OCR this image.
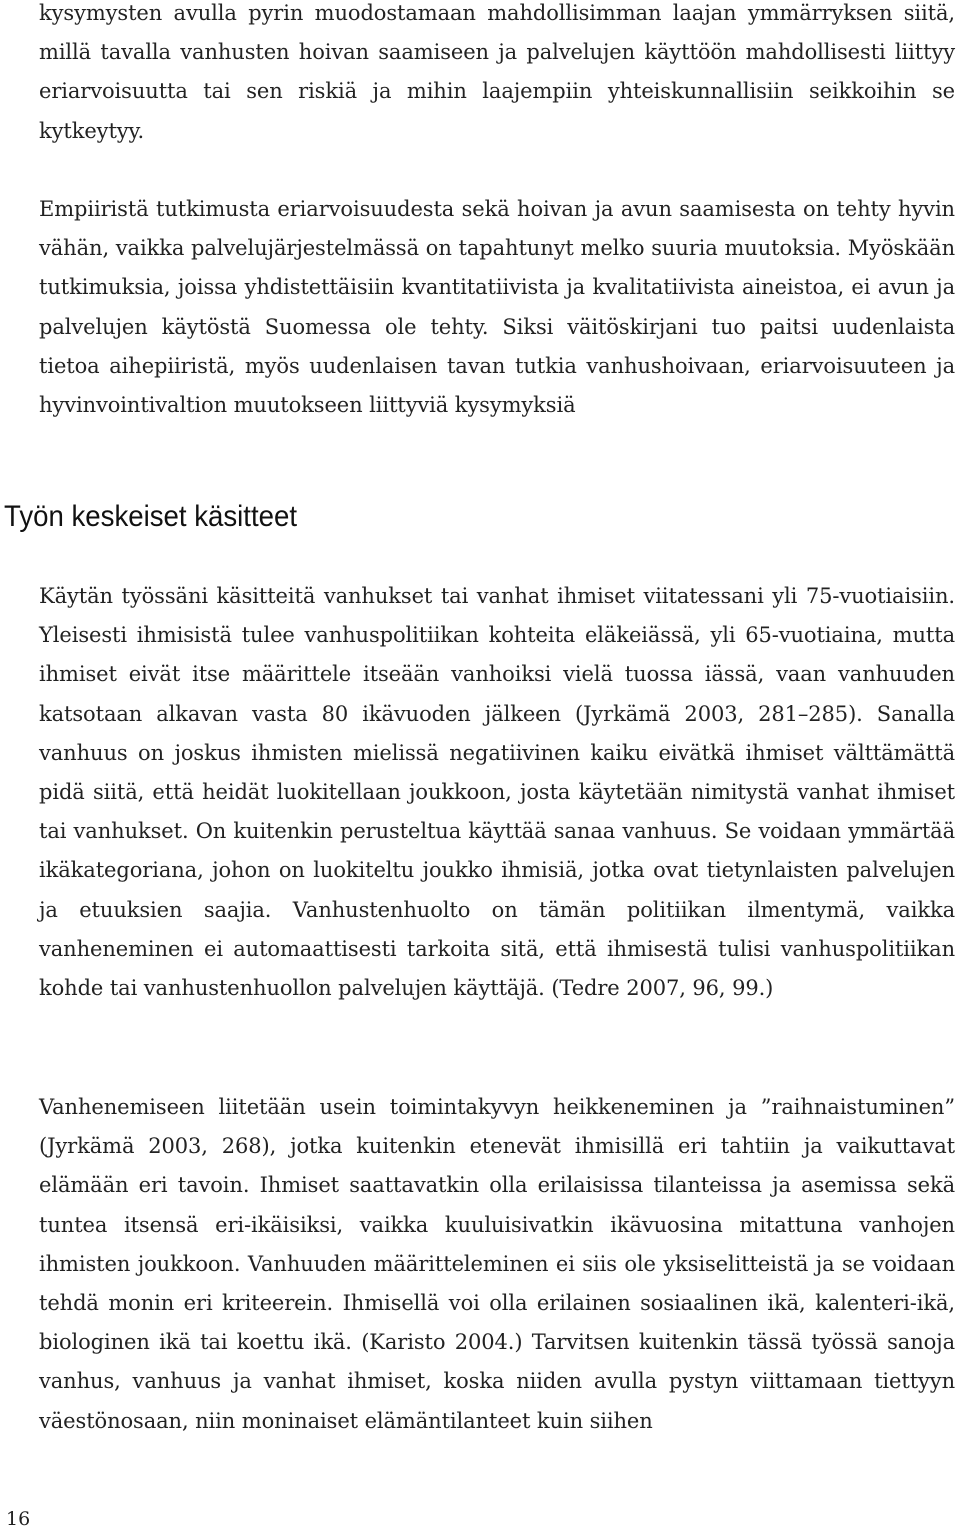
kysymysten avulla pyrin muodostamaan mahdollisimman laajan ymmärryksen siitä, millä tavalla vanhusten hoivan saamiseen ja palvelujen käyttöön mahdollisesti liittyy eriarvoisuutta tai sen riskiä ja mihin laajempiin yhteiskunnallisiin seikkoihin se kytkeytyy.

Empiiristä tutkimusta eriarvoisuudesta sekä hoivan ja avun saamisesta on tehty hyvin vähän, vaikka palvelujärjestelmässä on tapahtunyt melko suuria muutoksia. Myöskään tutkimuksia, joissa yhdistettäisiin kvantitatiivista ja kvalitatiivista aineistoa, ei avun ja palvelujen käytöstä Suomessa ole tehty. Siksi väitöskirjani tuo paitsi uudenlaista tietoa aihepiiristä, myös uudenlaisen tavan tutkia vanhushoivaan, eriarvoisuuteen ja hyvinvointivaltion muutokseen liittyviä kysymyksiä

Työn keskeiset käsitteet

Käytän työssäni käsitteitä vanhukset tai vanhat ihmiset viitatessani yli 75-vuotiaisiin. Yleisesti ihmisistä tulee vanhuspolitiikan kohteita eläkeiässä, yli 65-vuotiaina, mutta ihmiset eivät itse määrittele itseään vanhoiksi vielä tuossa iässä, vaan vanhuuden katsotaan alkavan vasta 80 ikävuoden jälkeen (Jyrkämä 2003, 281–285). Sanalla vanhuus on joskus ihmisten mielissä negatiivinen kaiku eivätkä ihmiset välttämättä pidä siitä, että heidät luokitellaan joukkoon, josta käytetään nimitystä vanhat ihmiset tai vanhukset. On kuitenkin perusteltua käyttää sanaa vanhuus. Se voidaan ymmärtää ikäkategoriana, johon on luokiteltu joukko ihmisiä, jotka ovat tietynlaisten palvelujen ja etuuksien saajia. Vanhustenhuolto on tämän politiikan ilmentymä, vaikka vanheneminen ei automaattisesti tarkoita sitä, että ihmisestä tulisi vanhuspolitiikan kohde tai vanhustenhuollon palvelujen käyttäjä. (Tedre 2007, 96, 99.)

Vanhenemiseen liitetään usein toimintakyvyn heikkeneminen ja ”raihnaistuminen” (Jyrkämä 2003, 268), jotka kuitenkin etenevät ihmisillä eri tahtiin ja vaikuttavat elämään eri tavoin. Ihmiset saattavatkin olla erilaisissa tilanteissa ja asemissa sekä tuntea itsensä eri-ikäisiksi, vaikka kuuluisivatkin ikävuosina mitattuna vanhojen ihmisten joukkoon. Vanhuuden määritteleminen ei siis ole yksiselitteistä ja se voidaan tehdä monin eri kriteerein. Ihmisellä voi olla erilainen sosiaalinen ikä, kalenteri-ikä, biologinen ikä tai koettu ikä. (Karisto 2004.) Tarvitsen kuitenkin tässä työssä sanoja vanhus, vanhuus ja vanhat ihmiset, koska niiden avulla pystyn viittamaan tiettyyn väestönosaan, niin moninaiset elämäntilanteet kuin siihen

16
